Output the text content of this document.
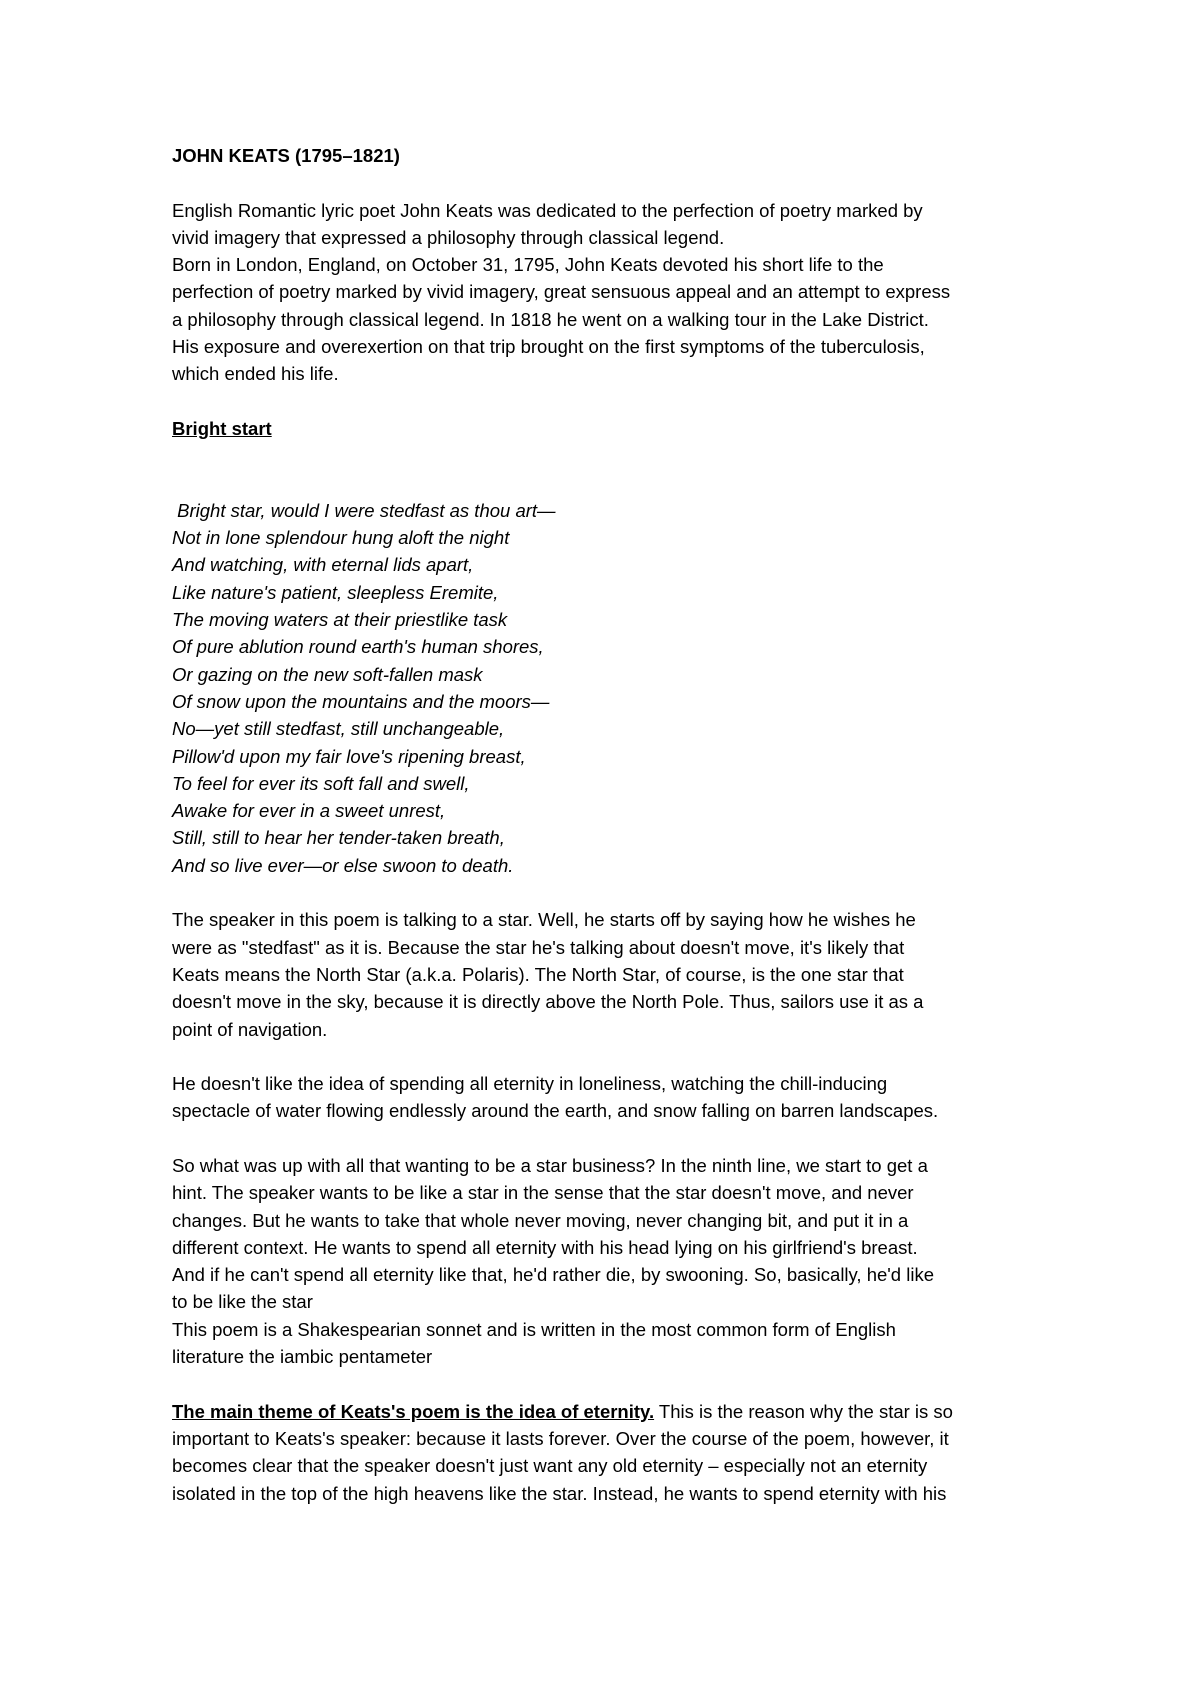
JOHN KEATS (1795–1821)
English Romantic lyric poet John Keats was dedicated to the perfection of poetry marked by
vivid imagery that expressed a philosophy through classical legend.
Born in London, England, on October 31, 1795, John Keats devoted his short life to the
perfection of poetry marked by vivid imagery, great sensuous appeal and an attempt to express
a philosophy through classical legend. In 1818 he went on a walking tour in the Lake District.
His exposure and overexertion on that trip brought on the first symptoms of the tuberculosis,
which ended his life.
Bright start
Bright star, would I were stedfast as thou art—
Not in lone splendour hung aloft the night
And watching, with eternal lids apart,
Like nature's patient, sleepless Eremite,
The moving waters at their priestlike task
Of pure ablution round earth's human shores,
Or gazing on the new soft-fallen mask
Of snow upon the mountains and the moors—
No—yet still stedfast, still unchangeable,
Pillow'd upon my fair love's ripening breast,
To feel for ever its soft fall and swell,
Awake for ever in a sweet unrest,
Still, still to hear her tender-taken breath,
And so live ever—or else swoon to death.
The speaker in this poem is talking to a star. Well, he starts off by saying how he wishes he
were as "stedfast" as it is. Because the star he's talking about doesn't move, it's likely that
Keats means the North Star (a.k.a. Polaris). The North Star, of course, is the one star that
doesn't move in the sky, because it is directly above the North Pole. Thus, sailors use it as a
point of navigation.
He doesn't like the idea of spending all eternity in loneliness, watching the chill-inducing
spectacle of water flowing endlessly around the earth, and snow falling on barren landscapes.
So what was up with all that wanting to be a star business? In the ninth line, we start to get a
hint. The speaker wants to be like a star in the sense that the star doesn't move, and never
changes. But he wants to take that whole never moving, never changing bit, and put it in a
different context. He wants to spend all eternity with his head lying on his girlfriend's breast.
And if he can't spend all eternity like that, he'd rather die, by swooning. So, basically, he'd like
to be like the star
This poem is a Shakespearian sonnet and is written in the most common form of English
literature the iambic pentameter
The main theme of Keats's poem is the idea of eternity. This is the reason why the star is so
important to Keats's speaker: because it lasts forever. Over the course of the poem, however, it
becomes clear that the speaker doesn't just want any old eternity – especially not an eternity
isolated in the top of the high heavens like the star. Instead, he wants to spend eternity with his
